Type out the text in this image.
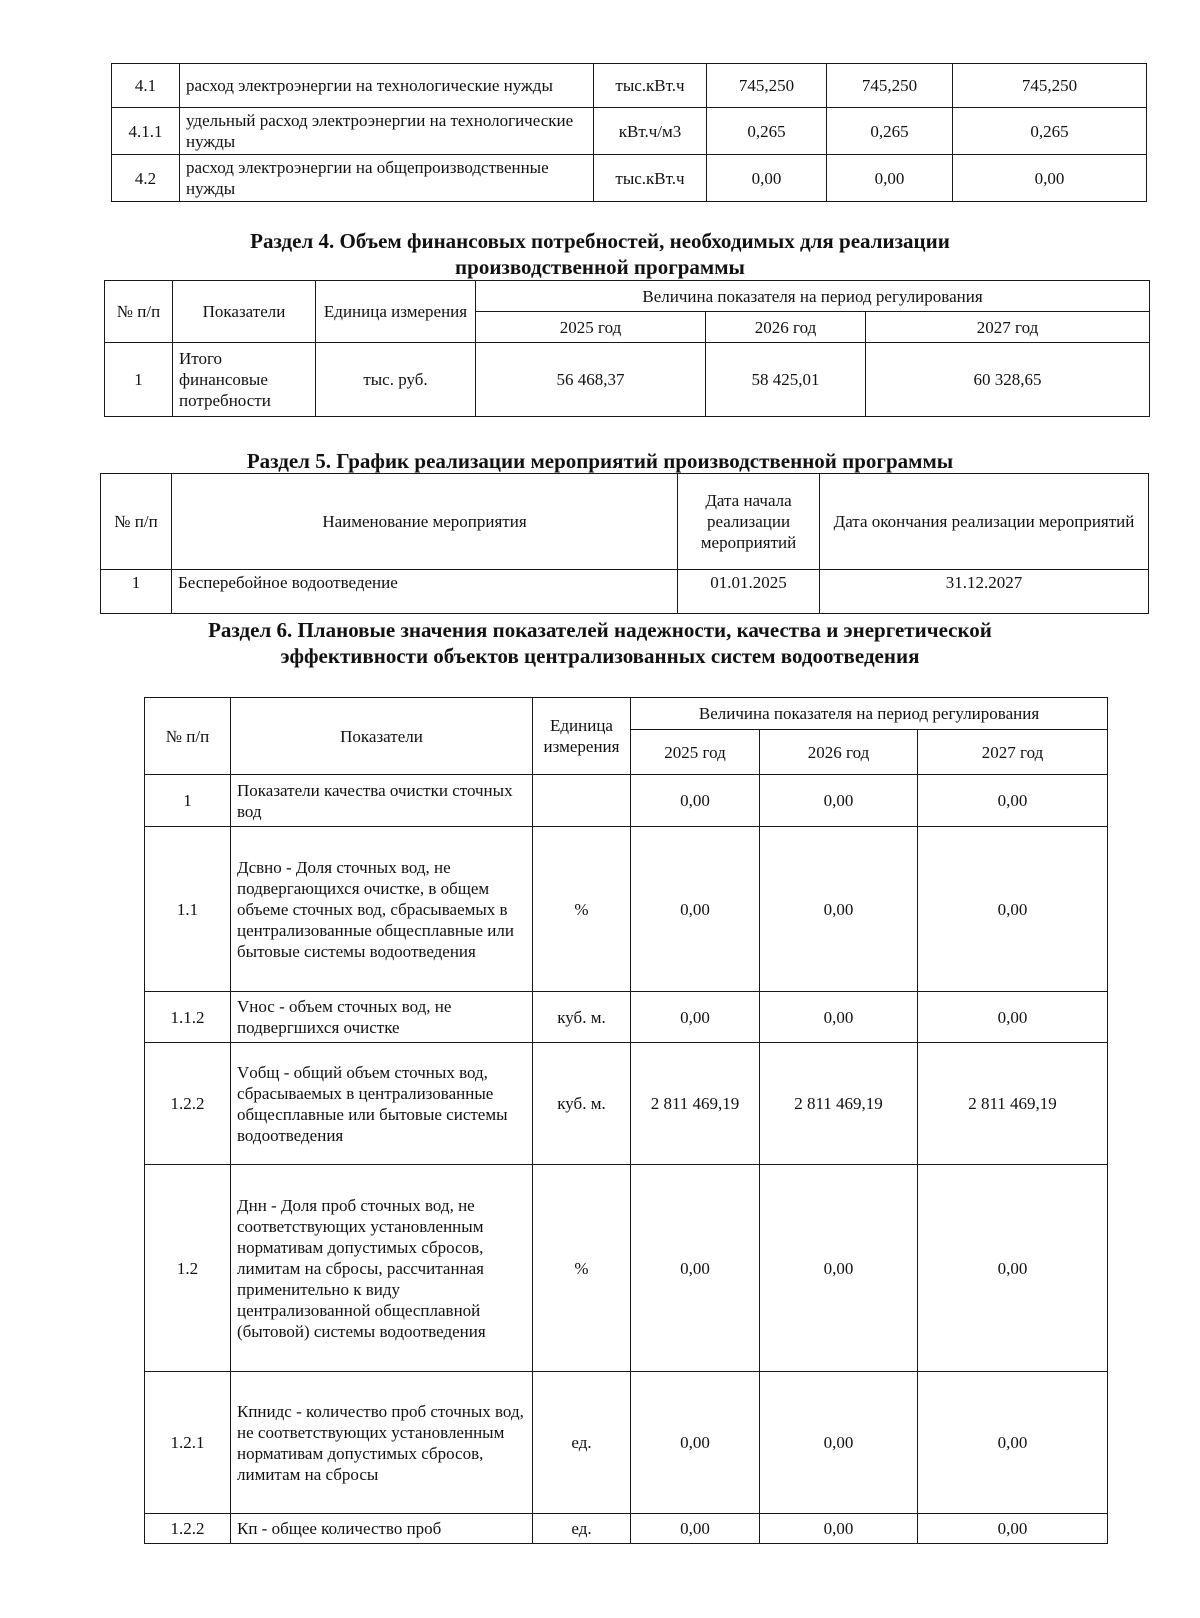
4.1	расход электроэнергии на технологические нужды	тыс.кВт.ч	745,250	745,250	745,250
4.1.1	удельный расход электроэнергии на технологические нужды	кВт.ч/м3	0,265	0,265	0,265
4.2	расход электроэнергии на общепроизводственные нужды	тыс.кВт.ч	0,00	0,00	0,00
Раздел 4. Объем финансовых потребностей, необходимых для реализации производственной программы
№ п/п	Показатели	Единица измерения	Величина показателя на период регулирования		
			2025 год	2026 год	2027 год
1	Итого финансовые потребности	тыс. руб.	56 468,37	58 425,01	60 328,65
Раздел 5. График реализации мероприятий производственной программы
№ п/п	Наименование мероприятия	Дата начала реализации мероприятий	Дата окончания реализации мероприятий
1	Бесперебойное водоотведение	01.01.2025	31.12.2027
Раздел 6. Плановые значения показателей надежности, качества и энергетической эффективности объектов централизованных систем водоотведения
№ п/п	Показатели	Единица измерения	Величина показателя на период регулирования		
			2025 год	2026 год	2027 год
1	Показатели качества очистки сточных вод		0,00	0,00	0,00
1.1	Дсвно - Доля сточных вод, не подвергающихся очистке, в общем объеме сточных вод, сбрасываемых в централизованные общесплавные или бытовые системы водоотведения	%	0,00	0,00	0,00
1.1.2	Vнос - объем сточных вод, не подвергшихся очистке	куб. м.	0,00	0,00	0,00
1.2.2	Vобщ - общий объем сточных вод, сбрасываемых в централизованные общесплавные или бытовые системы водоотведения	куб. м.	2 811 469,19	2 811 469,19	2 811 469,19
1.2	Днн - Доля проб сточных вод, не соответствующих установленным нормативам допустимых сбросов, лимитам на сбросы, рассчитанная применительно к виду централизованной общесплавной (бытовой) системы водоотведения	%	0,00	0,00	0,00
1.2.1	Кпнидс - количество проб сточных вод, не соответствующих установленным нормативам допустимых сбросов, лимитам на сбросы	ед.	0,00	0,00	0,00
1.2.2	Кп - общее количество проб	ед.	0,00	0,00	0,00
